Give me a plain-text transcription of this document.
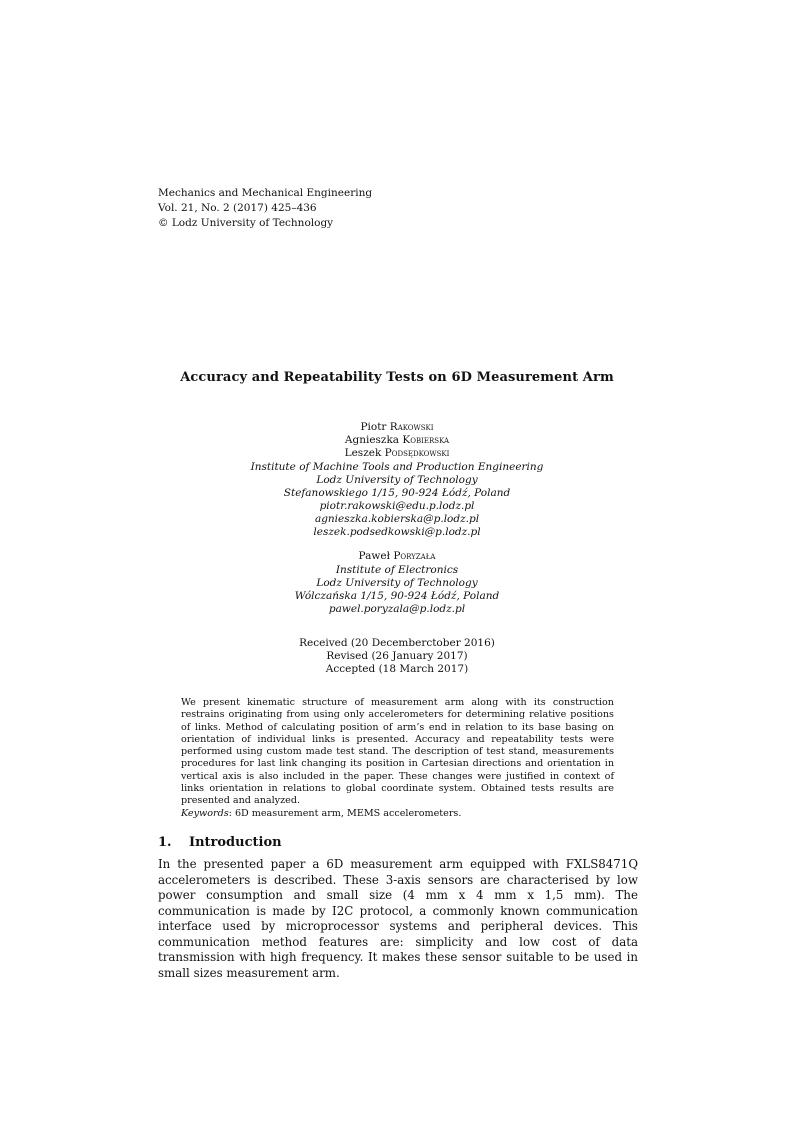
Mechanics and Mechanical Engineering
Vol. 21, No. 2 (2017) 425–436
© Lodz University of Technology
Accuracy and Repeatability Tests on 6D Measurement Arm
Piotr Rakowski
Agnieszka Kobierska
Leszek Podsędkowski
Institute of Machine Tools and Production Engineering
Lodz University of Technology
Stefanowskiego 1/15, 90-924 Łódź, Poland
piotr.rakowski@edu.p.lodz.pl
agnieszka.kobierska@p.lodz.pl
leszek.podsedkowski@p.lodz.pl
Paweł Poryzała
Institute of Electronics
Lodz University of Technology
Wólczańska 1/15, 90-924 Łódź, Poland
pawel.poryzala@p.lodz.pl
Received (20 Decemberctober 2016)
Revised (26 January 2017)
Accepted (18 March 2017)
We present kinematic structure of measurement arm along with its construction restrains originating from using only accelerometers for determining relative positions of links. Method of calculating position of arm’s end in relation to its base basing on orientation of individual links is presented. Accuracy and repeatability tests were performed using custom made test stand. The description of test stand, measurements procedures for last link changing its position in Cartesian directions and orientation in vertical axis is also included in the paper. These changes were justified in context of links orientation in relations to global coordinate system. Obtained tests results are presented and analyzed.
Keywords: 6D measurement arm, MEMS accelerometers.
1. Introduction
In the presented paper a 6D measurement arm equipped with FXLS8471Q accelerometers is described. These 3-axis sensors are characterised by low power consumption and small size (4 mm x 4 mm x 1,5 mm). The communication is made by I2C protocol, a commonly known communication interface used by microprocessor systems and peripheral devices. This communication method features are: simplicity and low cost of data transmission with high frequency. It makes these sensor suitable to be used in small sizes measurement arm.
